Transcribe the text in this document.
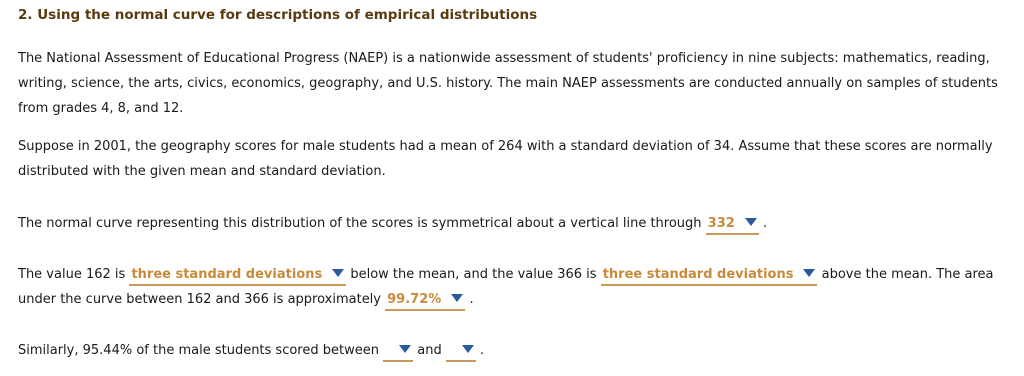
2. Using the normal curve for descriptions of empirical distributions

The National Assessment of Educational Progress (NAEP) is a nationwide assessment of students' proficiency in nine subjects: mathematics, reading,
writing, science, the arts, civics, economics, geography, and U.S. history. The main NAEP assessments are conducted annually on samples of students
from grades 4, 8, and 12.

Suppose in 2001, the geography scores for male students had a mean of 264 with a standard deviation of 34. Assume that these scores are normally
distributed with the given mean and standard deviation.

The normal curve representing this distribution of the scores is symmetrical about a vertical line through 332 .

The value 162 is three standard deviations below the mean, and the value 366 is three standard deviations above the mean. The area
under the curve between 162 and 366 is approximately 99.72% .

Similarly, 95.44% of the male students scored between	and	.
